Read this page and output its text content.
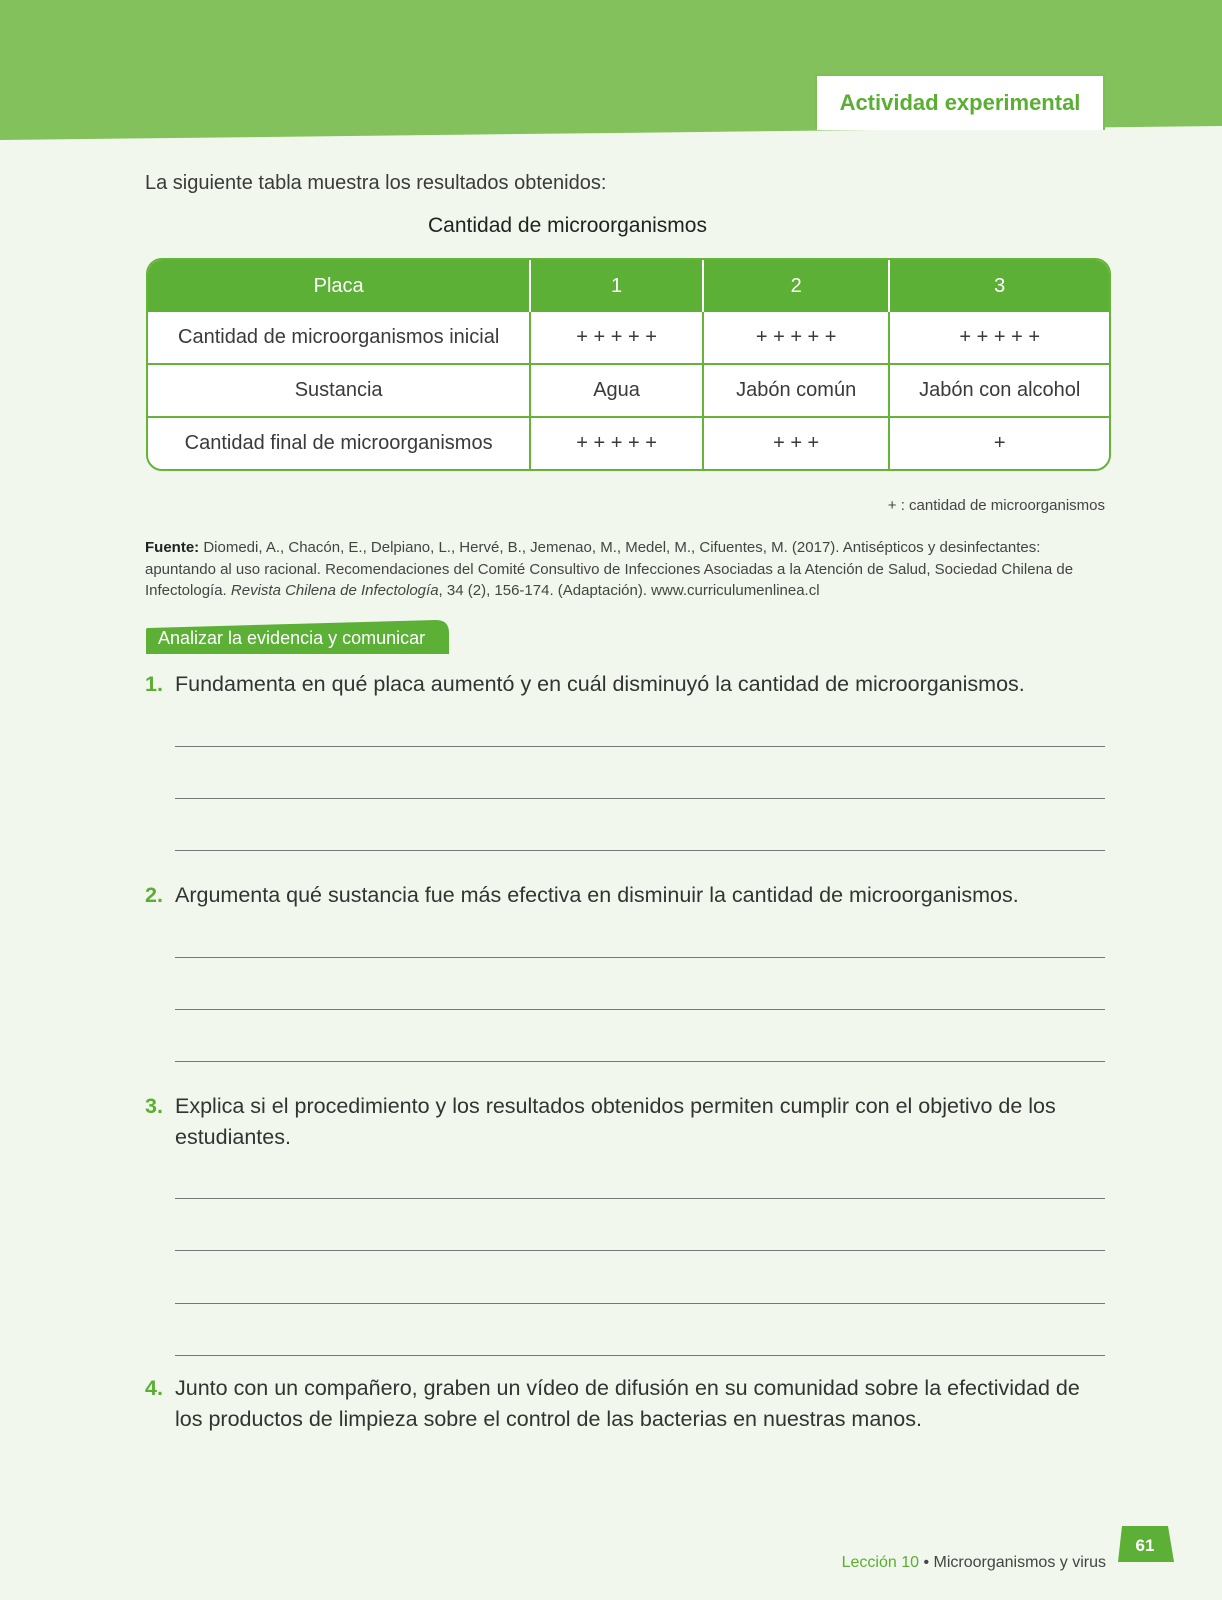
Actividad experimental
La siguiente tabla muestra los resultados obtenidos:
Cantidad de microorganismos
Placa	1	2	3
Cantidad de microorganismos inicial	+ + + + +	+ + + + +	+ + + + +
Sustancia	Agua	Jabón común	Jabón con alcohol
Cantidad final de microorganismos	+ + + + +	+ + +	+
+ : cantidad de microorganismos
Fuente: Diomedi, A., Chacón, E., Delpiano, L., Hervé, B., Jemenao, M., Medel, M., Cifuentes, M. (2017). Antisépticos y desinfectantes: apuntando al uso racional. Recomendaciones del Comité Consultivo de Infecciones Asociadas a la Atención de Salud, Sociedad Chilena de Infectología. Revista Chilena de Infectología, 34 (2), 156-174. (Adaptación). www.curriculumenlinea.cl
Analizar la evidencia y comunicar
1. Fundamenta en qué placa aumentó y en cuál disminuyó la cantidad de microorganismos.
2. Argumenta qué sustancia fue más efectiva en disminuir la cantidad de microorganismos.
3. Explica si el procedimiento y los resultados obtenidos permiten cumplir con el objetivo de los estudiantes.
4. Junto con un compañero, graben un vídeo de difusión en su comunidad sobre la efectividad de los productos de limpieza sobre el control de las bacterias en nuestras manos.
Lección 10 • Microorganismos y virus
61
